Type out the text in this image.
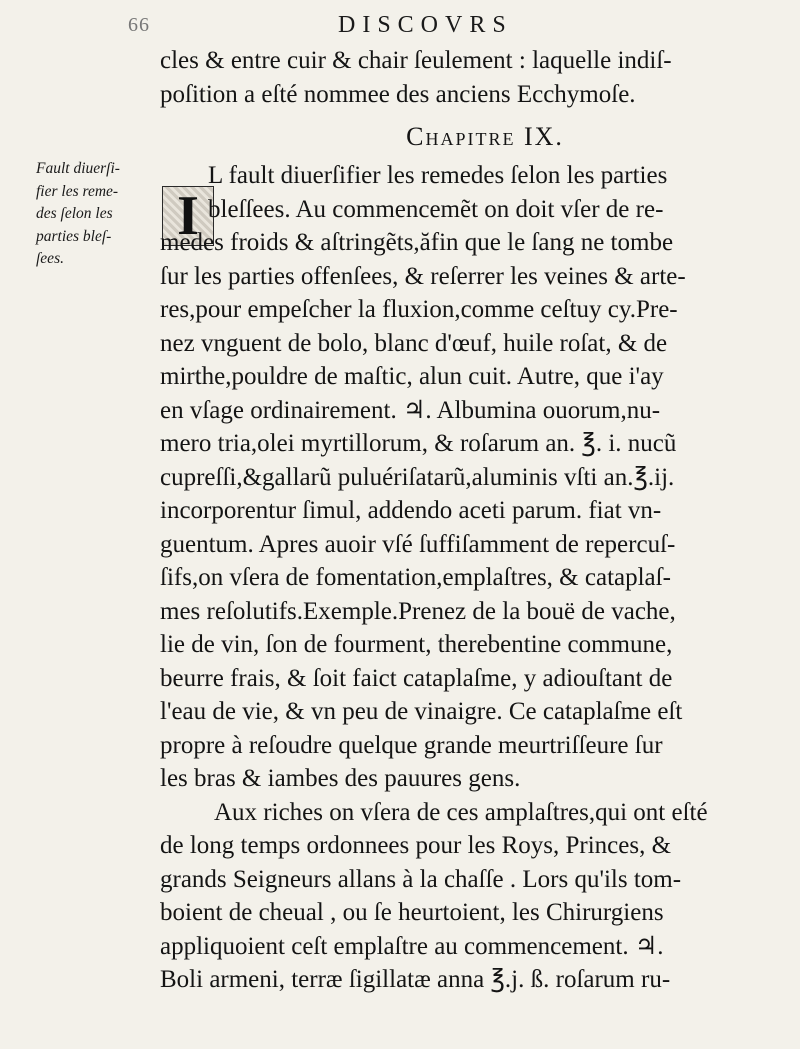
66	DISCOVRS
Fault diuerſi-
fier les reme-
des ſelon les
parties bleſ-
ſees.
I
cles & entre cuir & chair ſeulement : laquelle indiſ-
poſition a eſté nommee des anciens Ecchymoſe.
Chapitre IX.
L fault diuerſifier les remedes ſelon les parties
bleſſees. Au commencemẽt on doit vſer de re-
medes froids & aſtringẽts,ăfin que le ſang ne tombe
ſur les parties offenſees, & reſerrer les veines & arte-
res,pour empeſcher la fluxion,comme ceſtuy cy.Pre-
nez vnguent de bolo, blanc d'œuf, huile roſat, & de
mirthe,pouldre de maſtic, alun cuit. Autre, que i'ay
en vſage ordinairement. ♃. Albumina ouorum,nu-
mero tria,olei myrtillorum, & roſarum an. ℥. i. nucũ
cupreſſi,&gallarũ puluériſatarũ,aluminis vſti an.℥.ij.
incorporentur ſimul, addendo aceti parum. fiat vn-
guentum. Apres auoir vſé ſuffiſamment de repercuſ-
ſifs,on vſera de fomentation,emplaſtres, & cataplaſ-
mes reſolutifs.Exemple.Prenez de la bouë de vache,
lie de vin, ſon de fourment, therebentine commune,
beurre frais, & ſoit faict cataplaſme, y adiouſtant de
l'eau de vie, & vn peu de vinaigre. Ce cataplaſme eſt
propre à reſoudre quelque grande meurtriſſeure ſur
les bras & iambes des pauures gens.
Aux riches on vſera de ces amplaſtres,qui ont eſté
de long temps ordonnees pour les Roys, Princes, &
grands Seigneurs allans à la chaſſe . Lors qu'ils tom-
boient de cheual , ou ſe heurtoient, les Chirurgiens
appliquoient ceſt emplaſtre au commencement. ♃.
Boli armeni, terræ ſigillatæ anna ℥.j. ß. roſarum ru-
